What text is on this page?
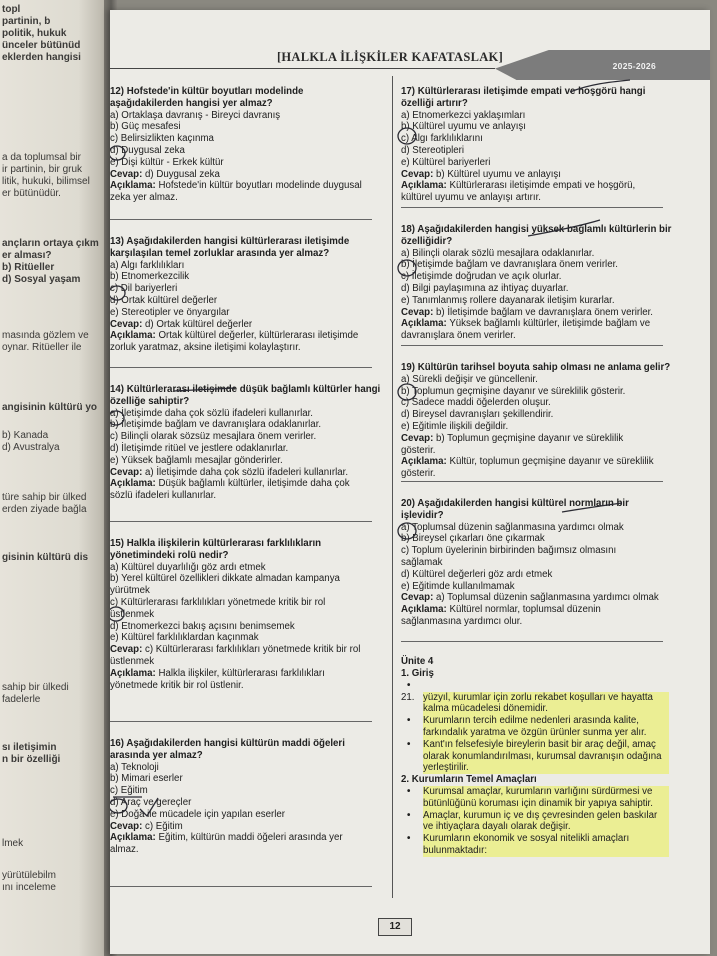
topl
partinin, b
politik, hukuk
ünceler bütünüd
eklerden hangisi
a da toplumsal bir
ir partinin, bir gruk
litik, hukuki, bilimsel
er bütünüdür.
ançların ortaya çıkm
er alması?
b) Ritüeller
d) Sosyal yaşam
masında gözlem ve
oynar. Ritüeller ile
angisinin kültürü yo
b) Kanada
d) Avustralya
türe sahip bir ülked
erden ziyade bağla
gisinin kültürü dis
sahip bir ülkedi
fadelerle
sı iletişimin
n bir özelliği
lmek
yürütülebilm
ını inceleme
[HALKLA İLİŞKİLER KAFATASLAK]
2025-2026
12) Hofstede'in kültür boyutları modelinde
aşağıdakilerden hangisi yer almaz?
a) Ortaklaşa davranış - Bireyci davranış
b) Güç mesafesi
c) Belirsizlikten kaçınma
d) Duygusal zeka
e) Dişi kültür - Erkek kültür
Cevap: d) Duygusal zeka
Açıklama: Hofstede'in kültür boyutları modelinde duygusal
zeka yer almaz.
13) Aşağıdakilerden hangisi kültürlerarası iletişimde
karşılaşılan temel zorluklar arasında yer almaz?
a) Algı farklılıkları
b) Etnomerkezcilik
c) Dil bariyerleri
d) Ortak kültürel değerler
e) Stereotipler ve önyargılar
Cevap: d) Ortak kültürel değerler
Açıklama: Ortak kültürel değerler, kültürlerarası iletişimde
zorluk yaratmaz, aksine iletişimi kolaylaştırır.
14) Kültürlerarası iletişimde düşük bağlamlı kültürler hangi
özelliğe sahiptir?
a) İletişimde daha çok sözlü ifadeleri kullanırlar.
b) İletişimde bağlam ve davranışlara odaklanırlar.
c) Bilinçli olarak sözsüz mesajlara önem verirler.
d) İletişimde ritüel ve jestlere odaklanırlar.
e) Yüksek bağlamlı mesajlar gönderirler.
Cevap: a) İletişimde daha çok sözlü ifadeleri kullanırlar.
Açıklama: Düşük bağlamlı kültürler, iletişimde daha çok
sözlü ifadeleri kullanırlar.
15) Halkla ilişkilerin kültürlerarası farklılıkların
yönetimindeki rolü nedir?
a) Kültürel duyarlılığı göz ardı etmek
b) Yerel kültürel özellikleri dikkate almadan kampanya
yürütmek
c) Kültürlerarası farklılıkları yönetmede kritik bir rol
üstlenmek
d) Etnomerkezci bakış açısını benimsemek
e) Kültürel farklılıklardan kaçınmak
Cevap: c) Kültürlerarası farklılıkları yönetmede kritik bir rol
üstlenmek
Açıklama: Halkla ilişkiler, kültürlerarası farklılıkları
yönetmede kritik bir rol üstlenir.
16) Aşağıdakilerden hangisi kültürün maddi öğeleri
arasında yer almaz?
a) Teknoloji
b) Mimari eserler
c) Eğitim
d) Araç ve gereçler
e) Doğa ile mücadele için yapılan eserler
Cevap: c) Eğitim
Açıklama: Eğitim, kültürün maddi öğeleri arasında yer
almaz.
17) Kültürlerarası iletişimde empati ve hoşgörü hangi
özelliği artırır?
a) Etnomerkezci yaklaşımları
b) Kültürel uyumu ve anlayışı
c) Algı farklılıklarını
d) Stereotipleri
e) Kültürel bariyerleri
Cevap: b) Kültürel uyumu ve anlayışı
Açıklama: Kültürlerarası iletişimde empati ve hoşgörü,
kültürel uyumu ve anlayışı artırır.
18) Aşağıdakilerden hangisi yüksek bağlamlı kültürlerin bir
özelliğidir?
a) Bilinçli olarak sözlü mesajlara odaklanırlar.
b) İletişimde bağlam ve davranışlara önem verirler.
c) İletişimde doğrudan ve açık olurlar.
d) Bilgi paylaşımına az ihtiyaç duyarlar.
e) Tanımlanmış rollere dayanarak iletişim kurarlar.
Cevap: b) İletişimde bağlam ve davranışlara önem verirler.
Açıklama: Yüksek bağlamlı kültürler, iletişimde bağlam ve
davranışlara önem verirler.
19) Kültürün tarihsel boyuta sahip olması ne anlama gelir?
a) Sürekli değişir ve güncellenir.
b) Toplumun geçmişine dayanır ve süreklilik gösterir.
c) Sadece maddi öğelerden oluşur.
d) Bireysel davranışları şekillendirir.
e) Eğitimle ilişkili değildir.
Cevap: b) Toplumun geçmişine dayanır ve süreklilik
gösterir.
Açıklama: Kültür, toplumun geçmişine dayanır ve süreklilik
gösterir.
20) Aşağıdakilerden hangisi kültürel normların bir
işlevidir?
a) Toplumsal düzenin sağlanmasına yardımcı olmak
b) Bireysel çıkarları öne çıkarmak
c) Toplum üyelerinin birbirinden bağımsız olmasını
sağlamak
d) Kültürel değerleri göz ardı etmek
e) Eğitimde kullanılmamak
Cevap: a) Toplumsal düzenin sağlanmasına yardımcı olmak
Açıklama: Kültürel normlar, toplumsal düzenin
sağlanmasına yardımcı olur.
Ünite 4
1. Giriş
•
21. yüzyıl, kurumlar için zorlu rekabet koşulları ve hayatta
kalma mücadelesi dönemidir.
• Kurumların tercih edilme nedenleri arasında kalite,
farkındalık yaratma ve özgün ürünler sunma yer alır.
• Kant'ın felsefesiyle bireylerin basit bir araç değil, amaç
olarak konumlandırılması, kurumsal davranışın odağına
yerleştirilir.
2. Kurumların Temel Amaçları
• Kurumsal amaçlar, kurumların varlığını sürdürmesi ve
bütünlüğünü koruması için dinamik bir yapıya sahiptir.
• Amaçlar, kurumun iç ve dış çevresinden gelen baskılar
ve ihtiyaçlara dayalı olarak değişir.
• Kurumların ekonomik ve sosyal nitelikli amaçları
bulunmaktadır:
12
